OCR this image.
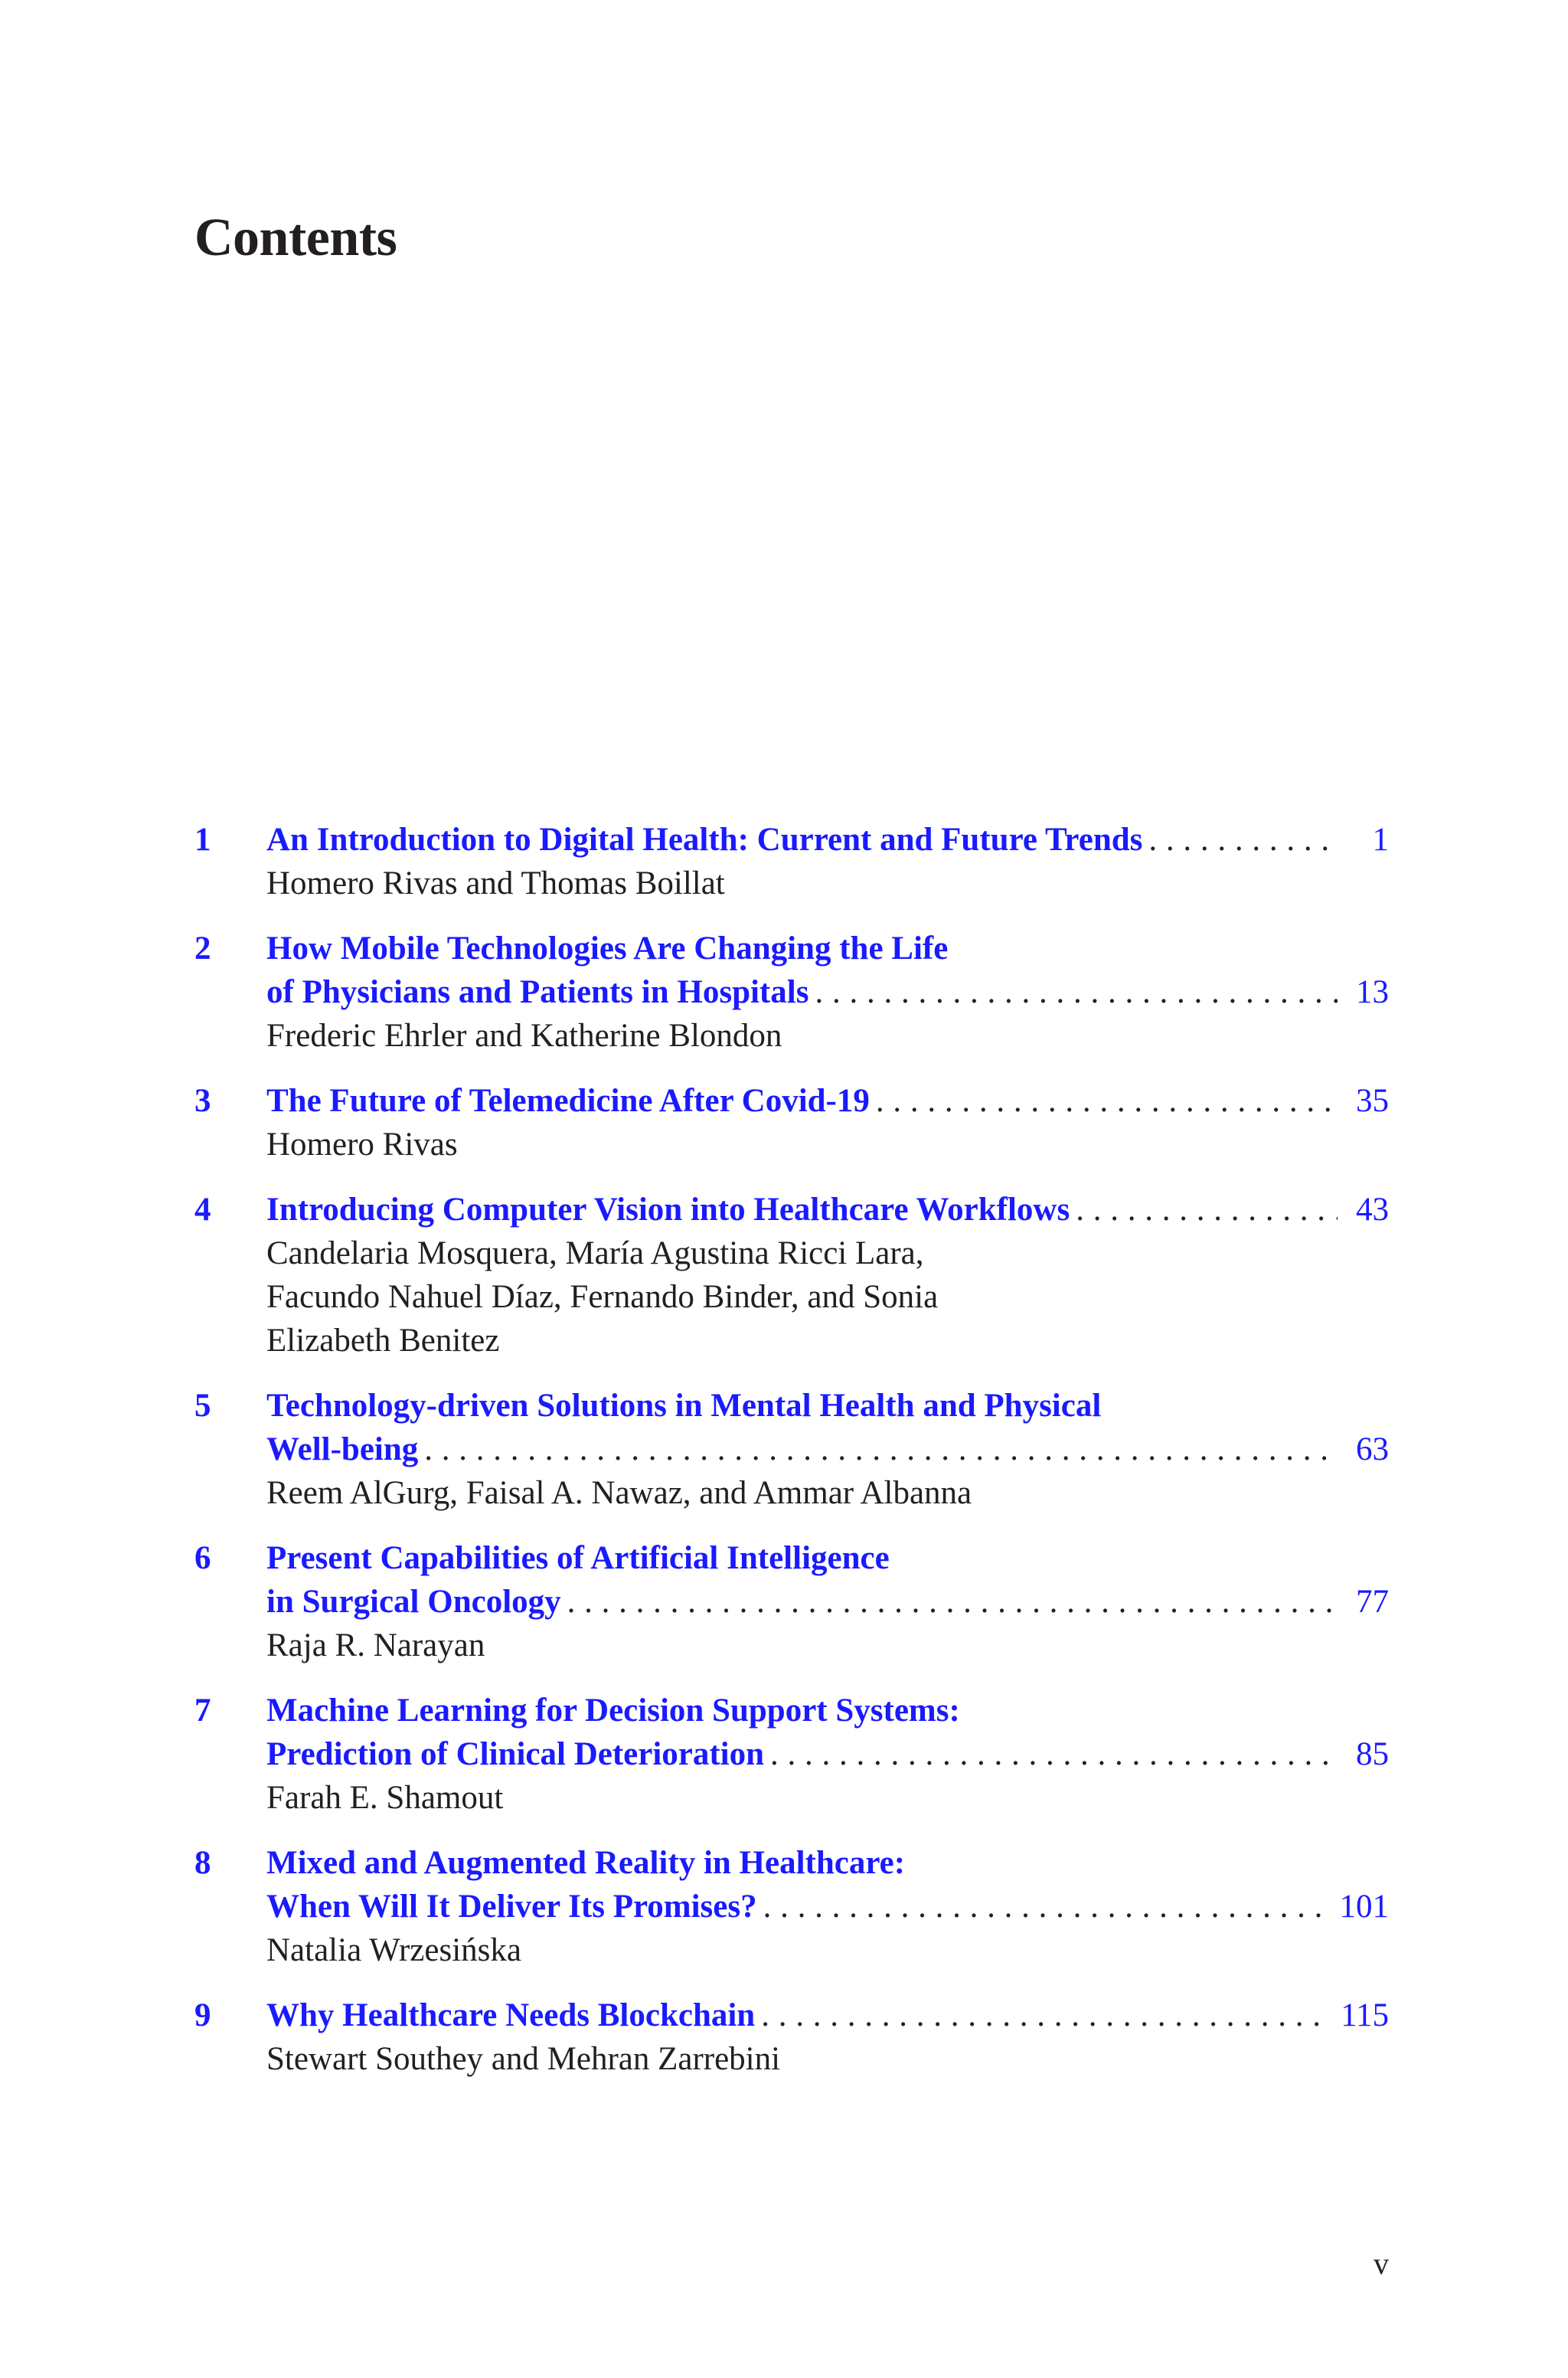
Contents
1 An Introduction to Digital Health: Current and Future Trends . . .	1
Homero Rivas and Thomas Boillat
2 How Mobile Technologies Are Changing the Life
of Physicians and Patients in Hospitals . . .	13
Frederic Ehrler and Katherine Blondon
3 The Future of Telemedicine After Covid-19 . . .	35
Homero Rivas
4 Introducing Computer Vision into Healthcare Workflows . . .	43
Candelaria Mosquera, María Agustina Ricci Lara,
Facundo Nahuel Díaz, Fernando Binder, and Sonia
Elizabeth Benitez
5 Technology-driven Solutions in Mental Health and Physical
Well-being . . .	63
Reem AlGurg, Faisal A. Nawaz, and Ammar Albanna
6 Present Capabilities of Artificial Intelligence
in Surgical Oncology . . .	77
Raja R. Narayan
7 Machine Learning for Decision Support Systems:
Prediction of Clinical Deterioration . . .	85
Farah E. Shamout
8 Mixed and Augmented Reality in Healthcare:
When Will It Deliver Its Promises? . . .	101
Natalia Wrzesińska
9 Why Healthcare Needs Blockchain . . .	115
Stewart Southey and Mehran Zarrebini
v
